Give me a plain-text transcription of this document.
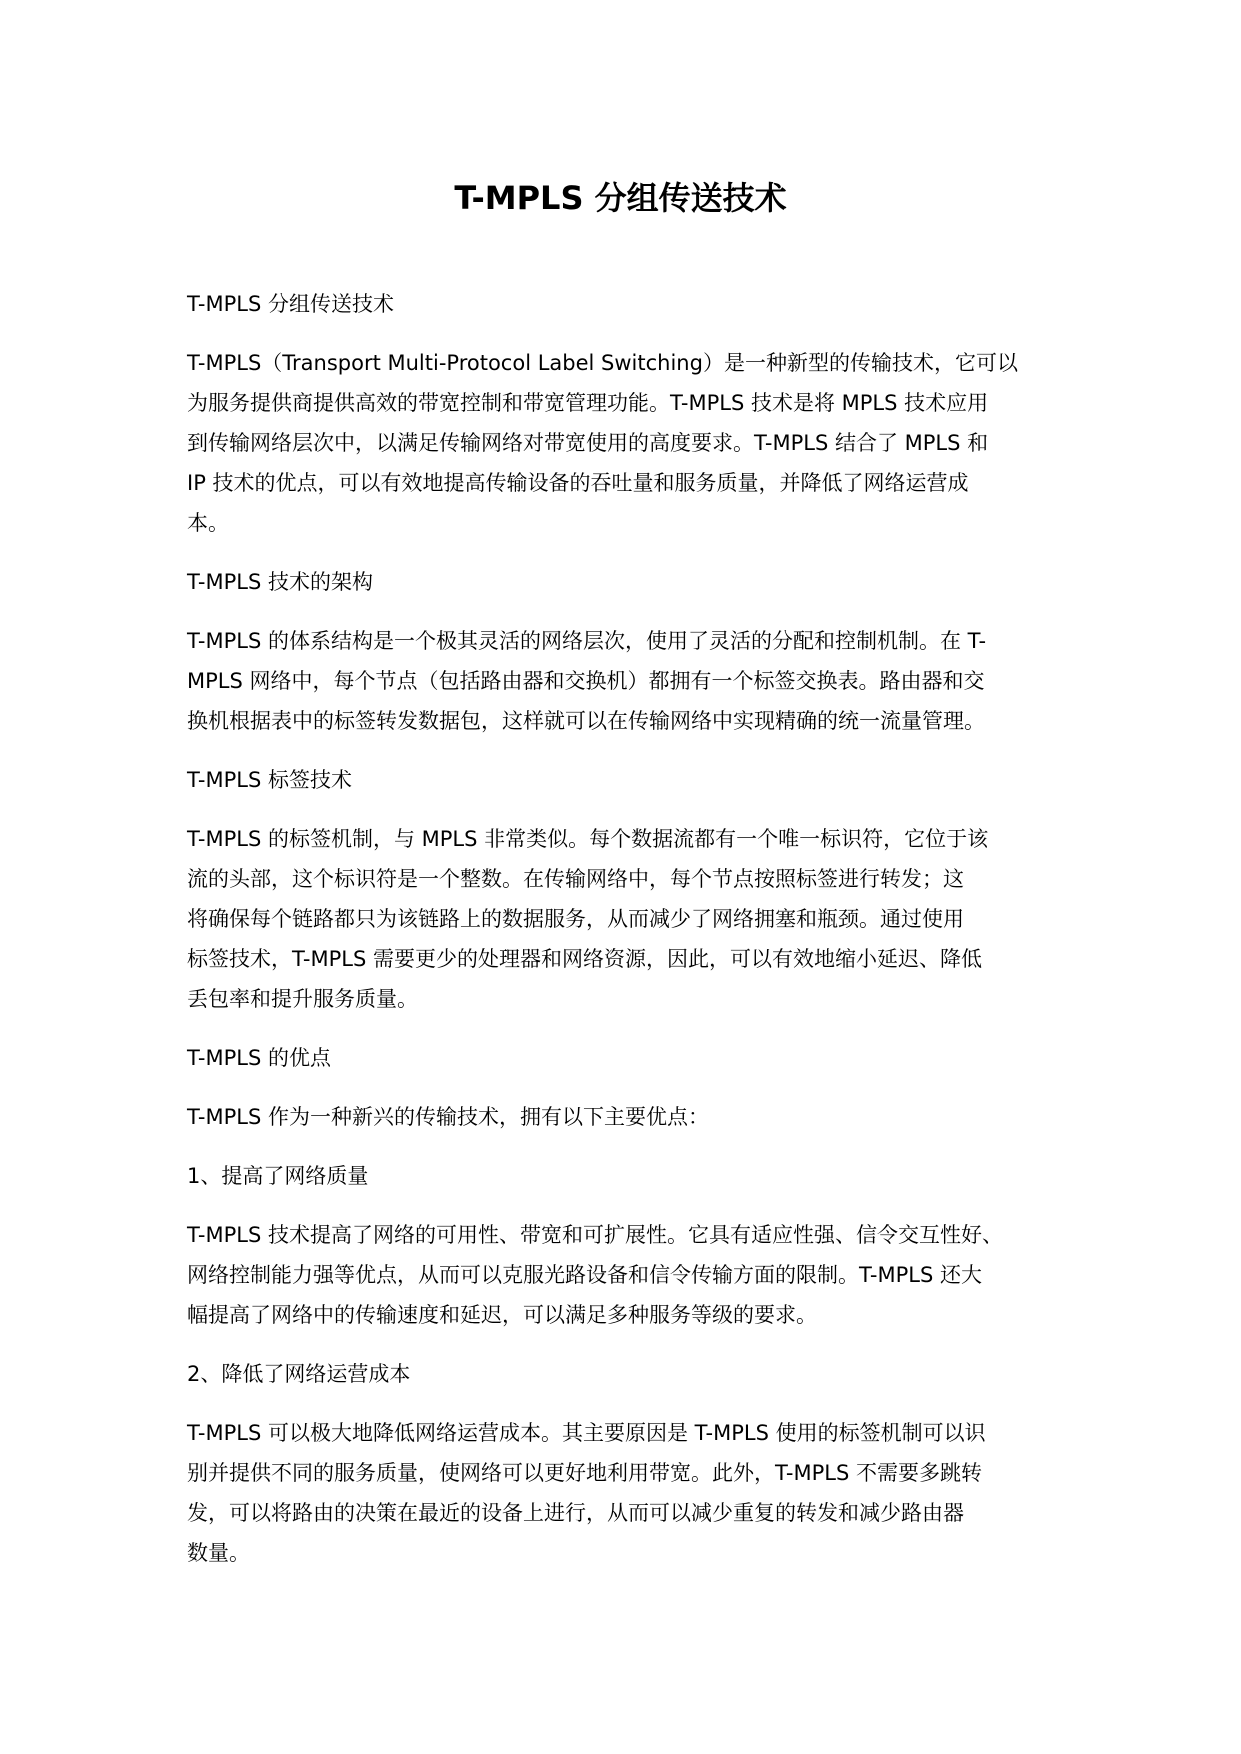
T-MPLS 分组传送技术

T-MPLS 分组传送技术

T-MPLS（Transport Multi-Protocol Label Switching）是一种新型的传输技术，它可以
为服务提供商提供高效的带宽控制和带宽管理功能。T-MPLS 技术是将 MPLS 技术应用
到传输网络层次中，以满足传输网络对带宽使用的高度要求。T-MPLS 结合了 MPLS 和
IP 技术的优点，可以有效地提高传输设备的吞吐量和服务质量，并降低了网络运营成
本。

T-MPLS 技术的架构

T-MPLS 的体系结构是一个极其灵活的网络层次，使用了灵活的分配和控制机制。在 T-
MPLS 网络中，每个节点（包括路由器和交换机）都拥有一个标签交换表。路由器和交
换机根据表中的标签转发数据包，这样就可以在传输网络中实现精确的统一流量管理。

T-MPLS 标签技术

T-MPLS 的标签机制，与 MPLS 非常类似。每个数据流都有一个唯一标识符，它位于该
流的头部，这个标识符是一个整数。在传输网络中，每个节点按照标签进行转发；这
将确保每个链路都只为该链路上的数据服务，从而减少了网络拥塞和瓶颈。通过使用
标签技术，T-MPLS 需要更少的处理器和网络资源，因此，可以有效地缩小延迟、降低
丢包率和提升服务质量。

T-MPLS 的优点

T-MPLS 作为一种新兴的传输技术，拥有以下主要优点：

1、提高了网络质量

T-MPLS 技术提高了网络的可用性、带宽和可扩展性。它具有适应性强、信令交互性好、
网络控制能力强等优点，从而可以克服光路设备和信令传输方面的限制。T-MPLS 还大
幅提高了网络中的传输速度和延迟，可以满足多种服务等级的要求。

2、降低了网络运营成本

T-MPLS 可以极大地降低网络运营成本。其主要原因是 T-MPLS 使用的标签机制可以识
别并提供不同的服务质量，使网络可以更好地利用带宽。此外，T-MPLS 不需要多跳转
发，可以将路由的决策在最近的设备上进行，从而可以减少重复的转发和减少路由器
数量。
